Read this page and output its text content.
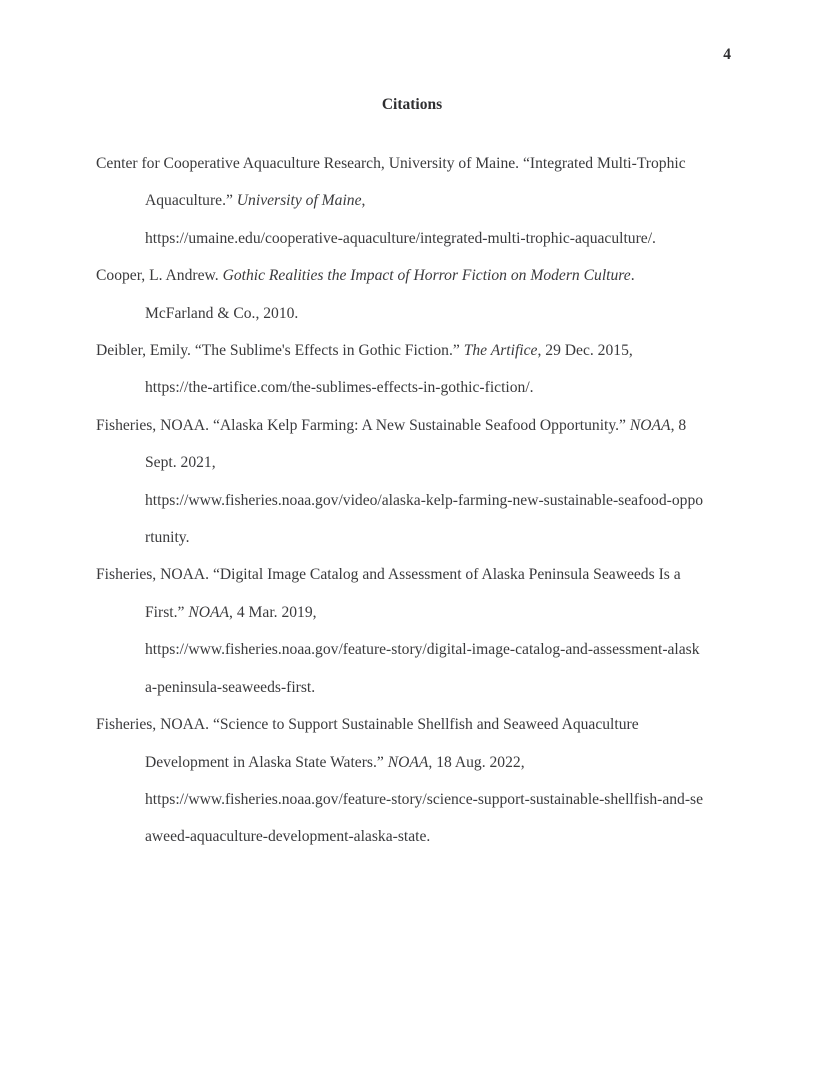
4
Citations

Center for Cooperative Aquaculture Research, University of Maine. “Integrated Multi-Trophic
Aquaculture.” University of Maine,
https://umaine.edu/cooperative-aquaculture/integrated-multi-trophic-aquaculture/.

Cooper, L. Andrew. Gothic Realities the Impact of Horror Fiction on Modern Culture.
McFarland & Co., 2010.

Deibler, Emily. “The Sublime's Effects in Gothic Fiction.” The Artifice, 29 Dec. 2015,
https://the-artifice.com/the-sublimes-effects-in-gothic-fiction/.

Fisheries, NOAA. “Alaska Kelp Farming: A New Sustainable Seafood Opportunity.” NOAA, 8
Sept. 2021,
https://www.fisheries.noaa.gov/video/alaska-kelp-farming-new-sustainable-seafood-oppo
rtunity.

Fisheries, NOAA. “Digital Image Catalog and Assessment of Alaska Peninsula Seaweeds Is a
First.” NOAA, 4 Mar. 2019,
https://www.fisheries.noaa.gov/feature-story/digital-image-catalog-and-assessment-alask
a-peninsula-seaweeds-first.

Fisheries, NOAA. “Science to Support Sustainable Shellfish and Seaweed Aquaculture
Development in Alaska State Waters.” NOAA, 18 Aug. 2022,
https://www.fisheries.noaa.gov/feature-story/science-support-sustainable-shellfish-and-se
aweed-aquaculture-development-alaska-state.
